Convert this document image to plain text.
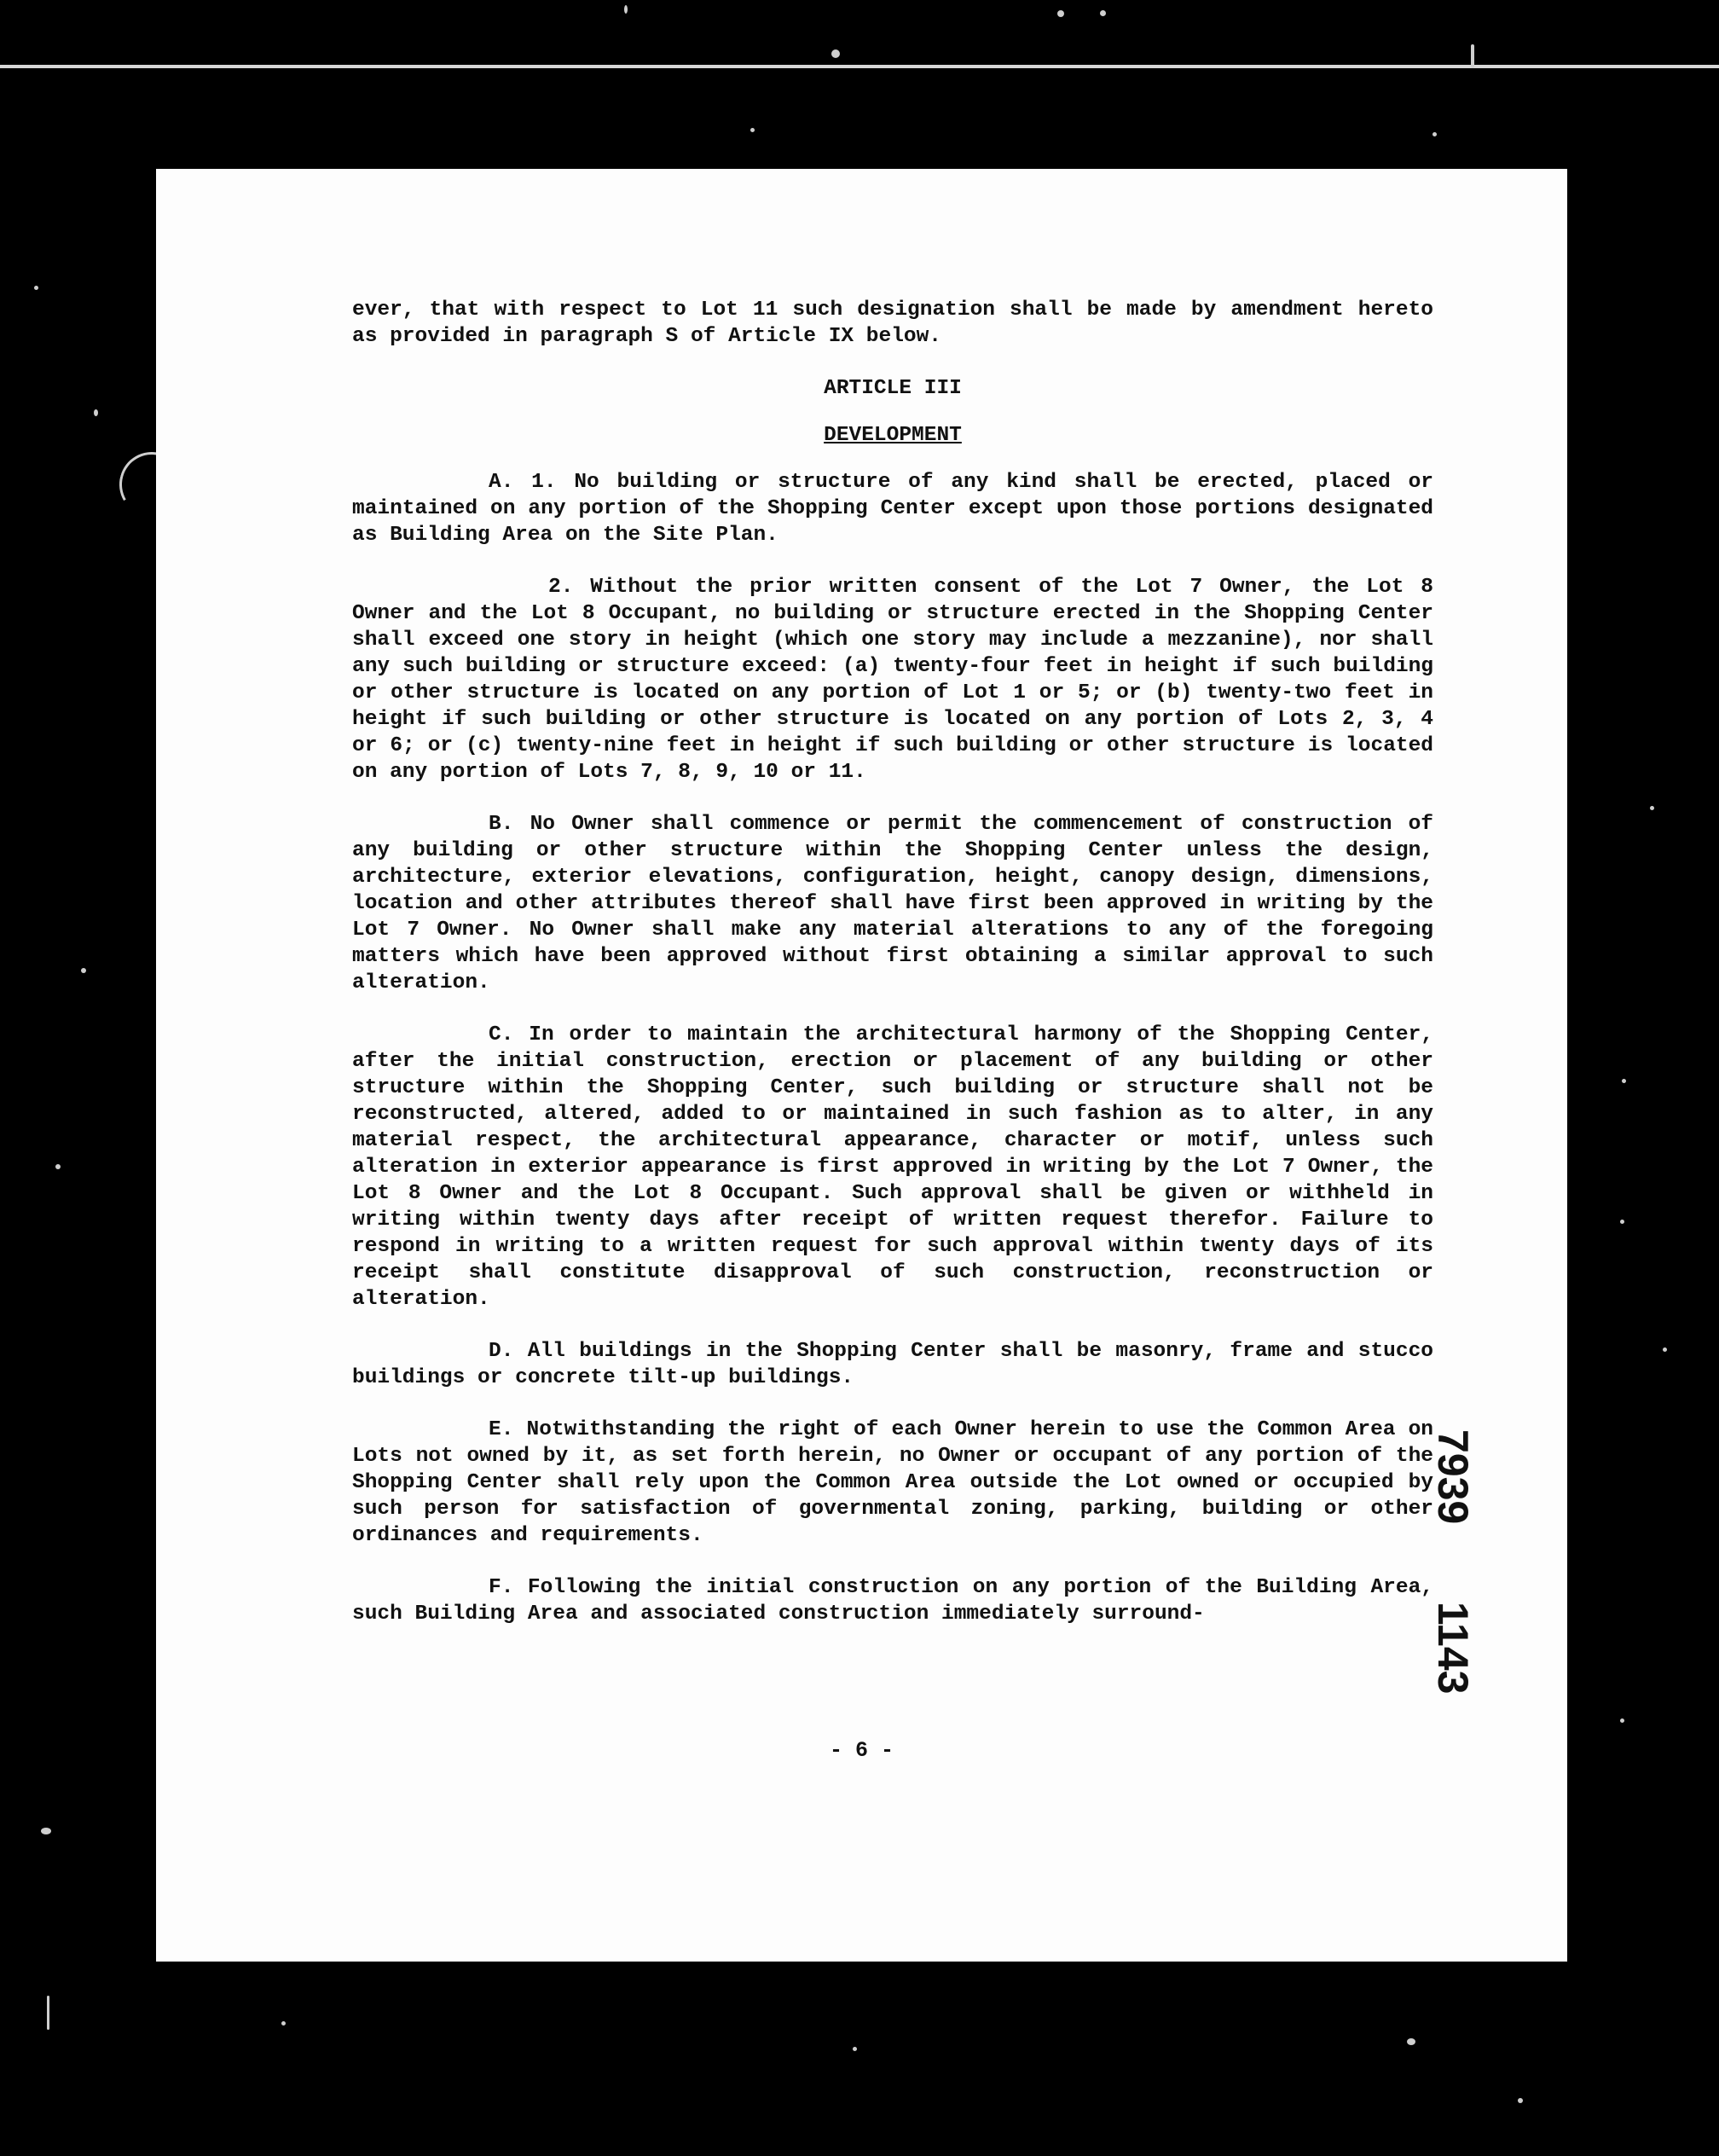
ever, that with respect to Lot 11 such designation shall be made by amendment hereto as provided in paragraph S of Article IX below.

ARTICLE III
DEVELOPMENT

A. 1. No building or structure of any kind shall be erected, placed or maintained on any portion of the Shopping Center except upon those portions designated as Building Area on the Site Plan.

2. Without the prior written consent of the Lot 7 Owner, the Lot 8 Owner and the Lot 8 Occupant, no building or structure erected in the Shopping Center shall exceed one story in height (which one story may include a mezzanine), nor shall any such building or structure exceed: (a) twenty-four feet in height if such building or other structure is located on any portion of Lot 1 or 5; or (b) twenty-two feet in height if such building or other structure is located on any portion of Lots 2, 3, 4 or 6; or (c) twenty-nine feet in height if such building or other structure is located on any portion of Lots 7, 8, 9, 10 or 11.

B. No Owner shall commence or permit the commencement of construction of any building or other structure within the Shopping Center unless the design, architecture, exterior elevations, configuration, height, canopy design, dimensions, location and other attributes thereof shall have first been approved in writing by the Lot 7 Owner. No Owner shall make any material alterations to any of the foregoing matters which have been approved without first obtaining a similar approval to such alteration.

C. In order to maintain the architectural harmony of the Shopping Center, after the initial construction, erection or placement of any building or other structure within the Shopping Center, such building or structure shall not be reconstructed, altered, added to or maintained in such fashion as to alter, in any material respect, the architectural appearance, character or motif, unless such alteration in exterior appearance is first approved in writing by the Lot 7 Owner, the Lot 8 Owner and the Lot 8 Occupant. Such approval shall be given or withheld in writing within twenty days after receipt of written request therefor. Failure to respond in writing to a written request for such approval within twenty days of its receipt shall constitute disapproval of such construction, reconstruction or alteration.

D. All buildings in the Shopping Center shall be masonry, frame and stucco buildings or concrete tilt-up buildings.

E. Notwithstanding the right of each Owner herein to use the Common Area on Lots not owned by it, as set forth herein, no Owner or occupant of any portion of the Shopping Center shall rely upon the Common Area outside the Lot owned or occupied by such person for satisfaction of governmental zoning, parking, building or other ordinances and requirements.

F. Following the initial construction on any portion of the Building Area, such Building Area and associated construction immediately surround-

- 6 -
7939
1143
